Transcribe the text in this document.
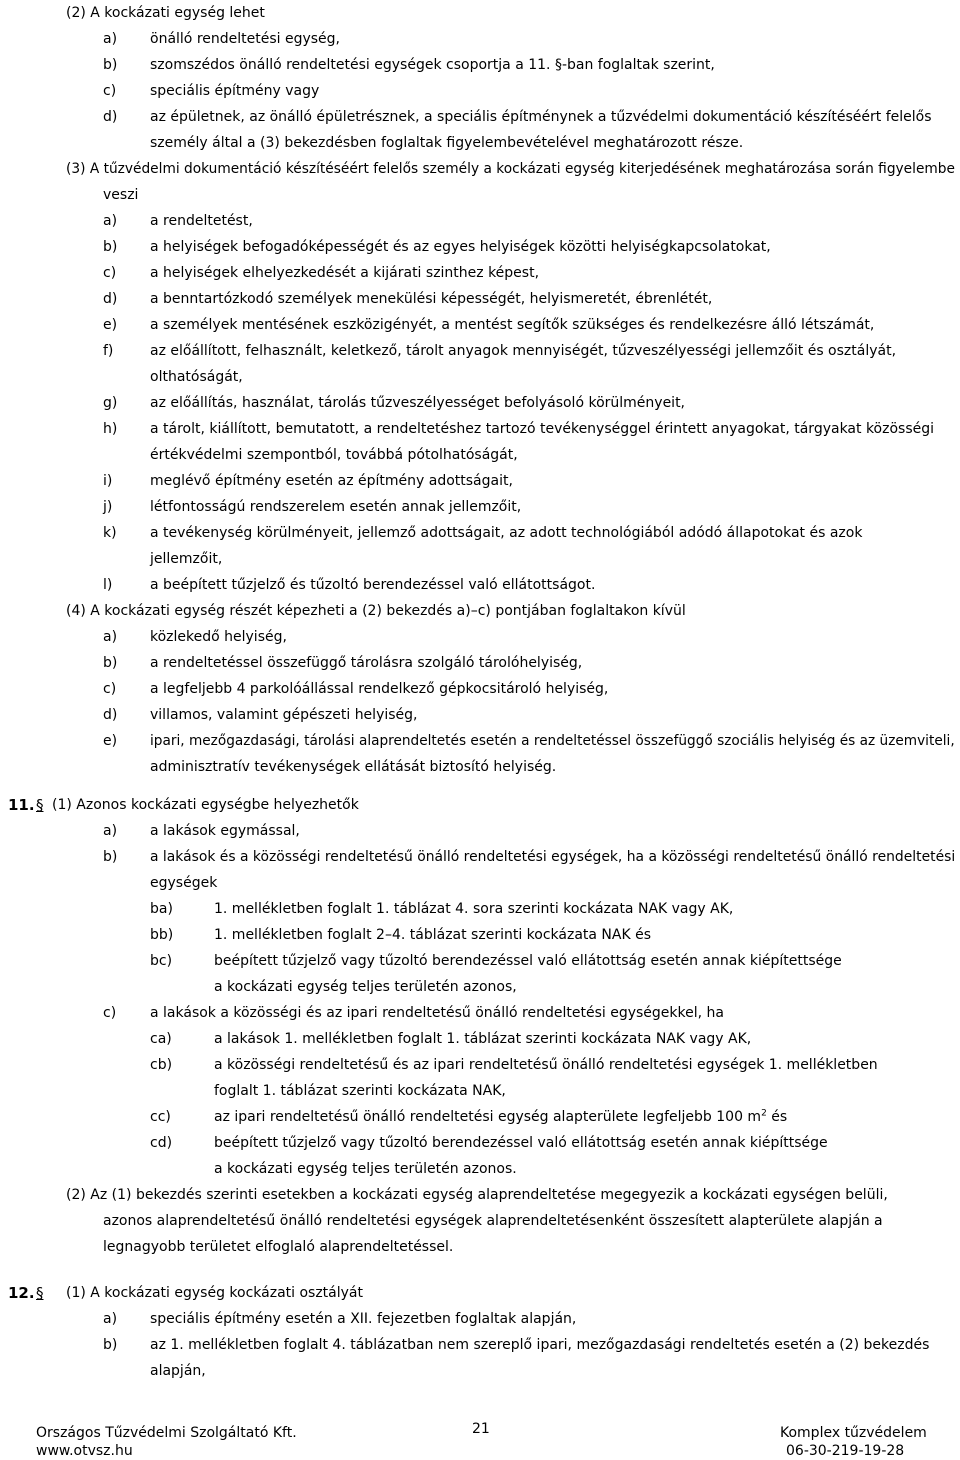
(2) A kockázati egység lehet
a) önálló rendeltetési egység,
b) szomszédos önálló rendeltetési egységek csoportja a 11. §-ban foglaltak szerint,
c) speciális építmény vagy
d) az épületnek, az önálló épületrésznek, a speciális építménynek a tűzvédelmi dokumentáció készítéséért felelős
személy által a (3) bekezdésben foglaltak figyelembevételével meghatározott része.
(3) A tűzvédelmi dokumentáció készítéséért felelős személy a kockázati egység kiterjedésének meghatározása során figyelembe
veszi
a) a rendeltetést,
b) a helyiségek befogadóképességét és az egyes helyiségek közötti helyiségkapcsolatokat,
c) a helyiségek elhelyezkedését a kijárati szinthez képest,
d) a benntartózkodó személyek menekülési képességét, helyismeretét, ébrenlétét,
e) a személyek mentésének eszközigényét, a mentést segítők szükséges és rendelkezésre álló létszámát,
f)	az előállított, felhasznált, keletkező, tárolt anyagok mennyiségét, tűzveszélyességi jellemzőit és osztályát,
olthatóságát,
g) az előállítás, használat, tárolás tűzveszélyességet befolyásoló körülményeit,
h) a tárolt, kiállított, bemutatott, a rendeltetéshez tartozó tevékenységgel érintett anyagokat, tárgyakat közösségi
értékvédelmi szempontból, továbbá pótolhatóságát,
i)	meglévő építmény esetén az építmény adottságait,
j)	létfontosságú rendszerelem esetén annak jellemzőit,
k) a tevékenység körülményeit, jellemző adottságait, az adott technológiából adódó állapotokat és azok
jellemzőit,
l)	a beépített tűzjelző és tűzoltó berendezéssel való ellátottságot.
(4) A kockázati egység részét képezheti a (2) bekezdés a)–c) pontjában foglaltakon kívül
a) közlekedő helyiség,
b) a rendeltetéssel összefüggő tárolásra szolgáló tárolóhelyiség,
c) a legfeljebb 4 parkolóállással rendelkező gépkocsitároló helyiség,
d) villamos, valamint gépészeti helyiség,
e) ipari, mezőgazdasági, tárolási alaprendeltetés esetén a rendeltetéssel összefüggő szociális helyiség és az üzemviteli,
adminisztratív tevékenységek ellátását biztosító helyiség.
a) a lakások egymással,
b) a lakások és a közösségi rendeltetésű önálló rendeltetési egységek, ha a közösségi rendeltetésű önálló rendeltetési
egységek
ba)	1. mellékletben foglalt 1. táblázat 4. sora szerinti kockázata NAK vagy AK,
bb)	1. mellékletben foglalt 2–4. táblázat szerinti kockázata NAK és
bc)	beépített tűzjelző vagy tűzoltó berendezéssel való ellátottság esetén annak kiépítettsége
a kockázati egység teljes területén azonos,
c) a lakások a közösségi és az ipari rendeltetésű önálló rendeltetési egységekkel, ha
ca)	a lakások 1. mellékletben foglalt 1. táblázat szerinti kockázata NAK vagy AK,
cb)	a közösségi rendeltetésű és az ipari rendeltetésű önálló rendeltetési egységek 1. mellékletben
foglalt 1. táblázat szerinti kockázata NAK,
cd)	beépített tűzjelző vagy tűzoltó berendezéssel való ellátottság esetén annak kiépíttsége
a kockázati egység teljes területén azonos.
(2) Az (1) bekezdés szerinti esetekben a kockázati egység alaprendeltetése megegyezik a kockázati egységen belüli,
azonos alaprendeltetésű önálló rendeltetési egységek alaprendeltetésenként összesített alapterülete alapján a
legnagyobb területet elfoglaló alaprendeltetéssel.
a) speciális építmény esetén a XII. fejezetben foglaltak alapján,
b) az 1. mellékletben foglalt 4. táblázatban nem szereplő ipari, mezőgazdasági rendeltetés esetén a (2) bekezdés
alapján,
cc)	az ipari rendeltetésű önálló rendeltetési egység alapterülete legfeljebb 100 $m^2$ és
11. § (1) Azonos kockázati egységbe helyezhetők
12. § (1) A kockázati egység kockázati osztályát
Országos Tűzvédelmi Szolgáltató Kft.
www.otvsz.hu
21	Komplex tűzvédelem
06-30-219-19-28
